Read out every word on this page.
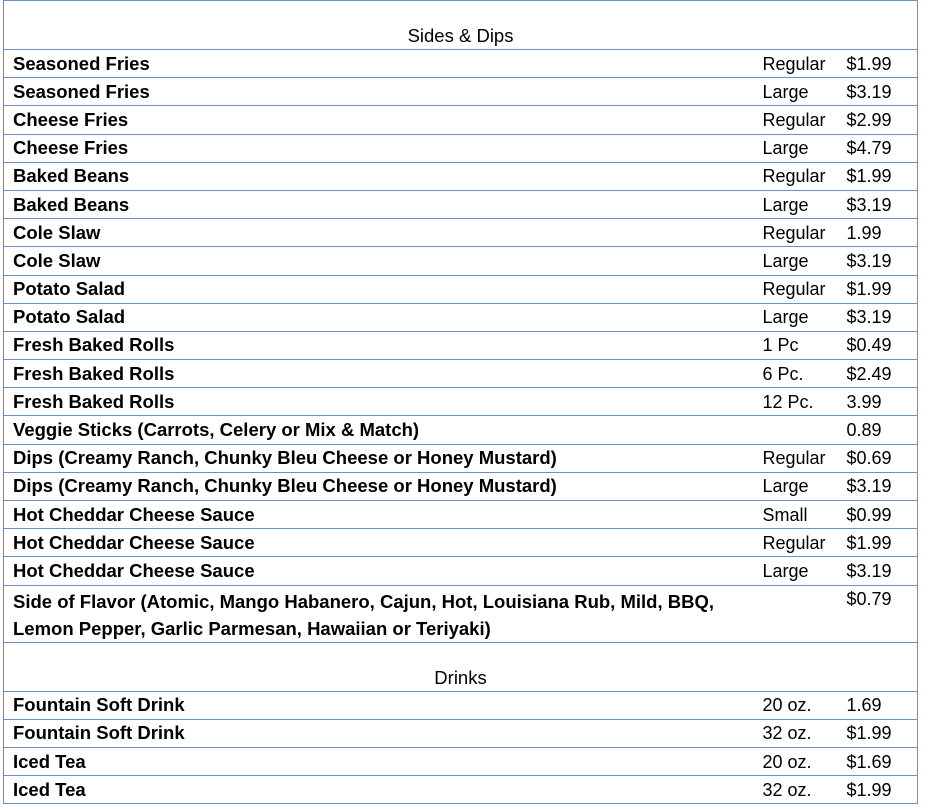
Sides & Dips		
Seasoned Fries	Regular	$1.99
Seasoned Fries	Large	$3.19
Cheese Fries	Regular	$2.99
Cheese Fries	Large	$4.79
Baked Beans	Regular	$1.99
Baked Beans	Large	$3.19
Cole Slaw	Regular	1.99
Cole Slaw	Large	$3.19
Potato Salad	Regular	$1.99
Potato Salad	Large	$3.19
Fresh Baked Rolls	1 Pc	$0.49
Fresh Baked Rolls	6 Pc.	$2.49
Fresh Baked Rolls	12 Pc.	3.99
Veggie Sticks (Carrots, Celery or Mix & Match)		0.89
Dips (Creamy Ranch, Chunky Bleu Cheese or Honey Mustard)	Regular	$0.69
Dips (Creamy Ranch, Chunky Bleu Cheese or Honey Mustard)	Large	$3.19
Hot Cheddar Cheese Sauce	Small	$0.99
Hot Cheddar Cheese Sauce	Regular	$1.99
Hot Cheddar Cheese Sauce	Large	$3.19
Side of Flavor (Atomic, Mango Habanero, Cajun, Hot, Louisiana Rub, Mild, BBQ, Lemon Pepper, Garlic Parmesan, Hawaiian or Teriyaki)		$0.79
Drinks		
Fountain Soft Drink	20 oz.	1.69
Fountain Soft Drink	32 oz.	$1.99
Iced Tea	20 oz.	$1.69
Iced Tea	32 oz.	$1.99
